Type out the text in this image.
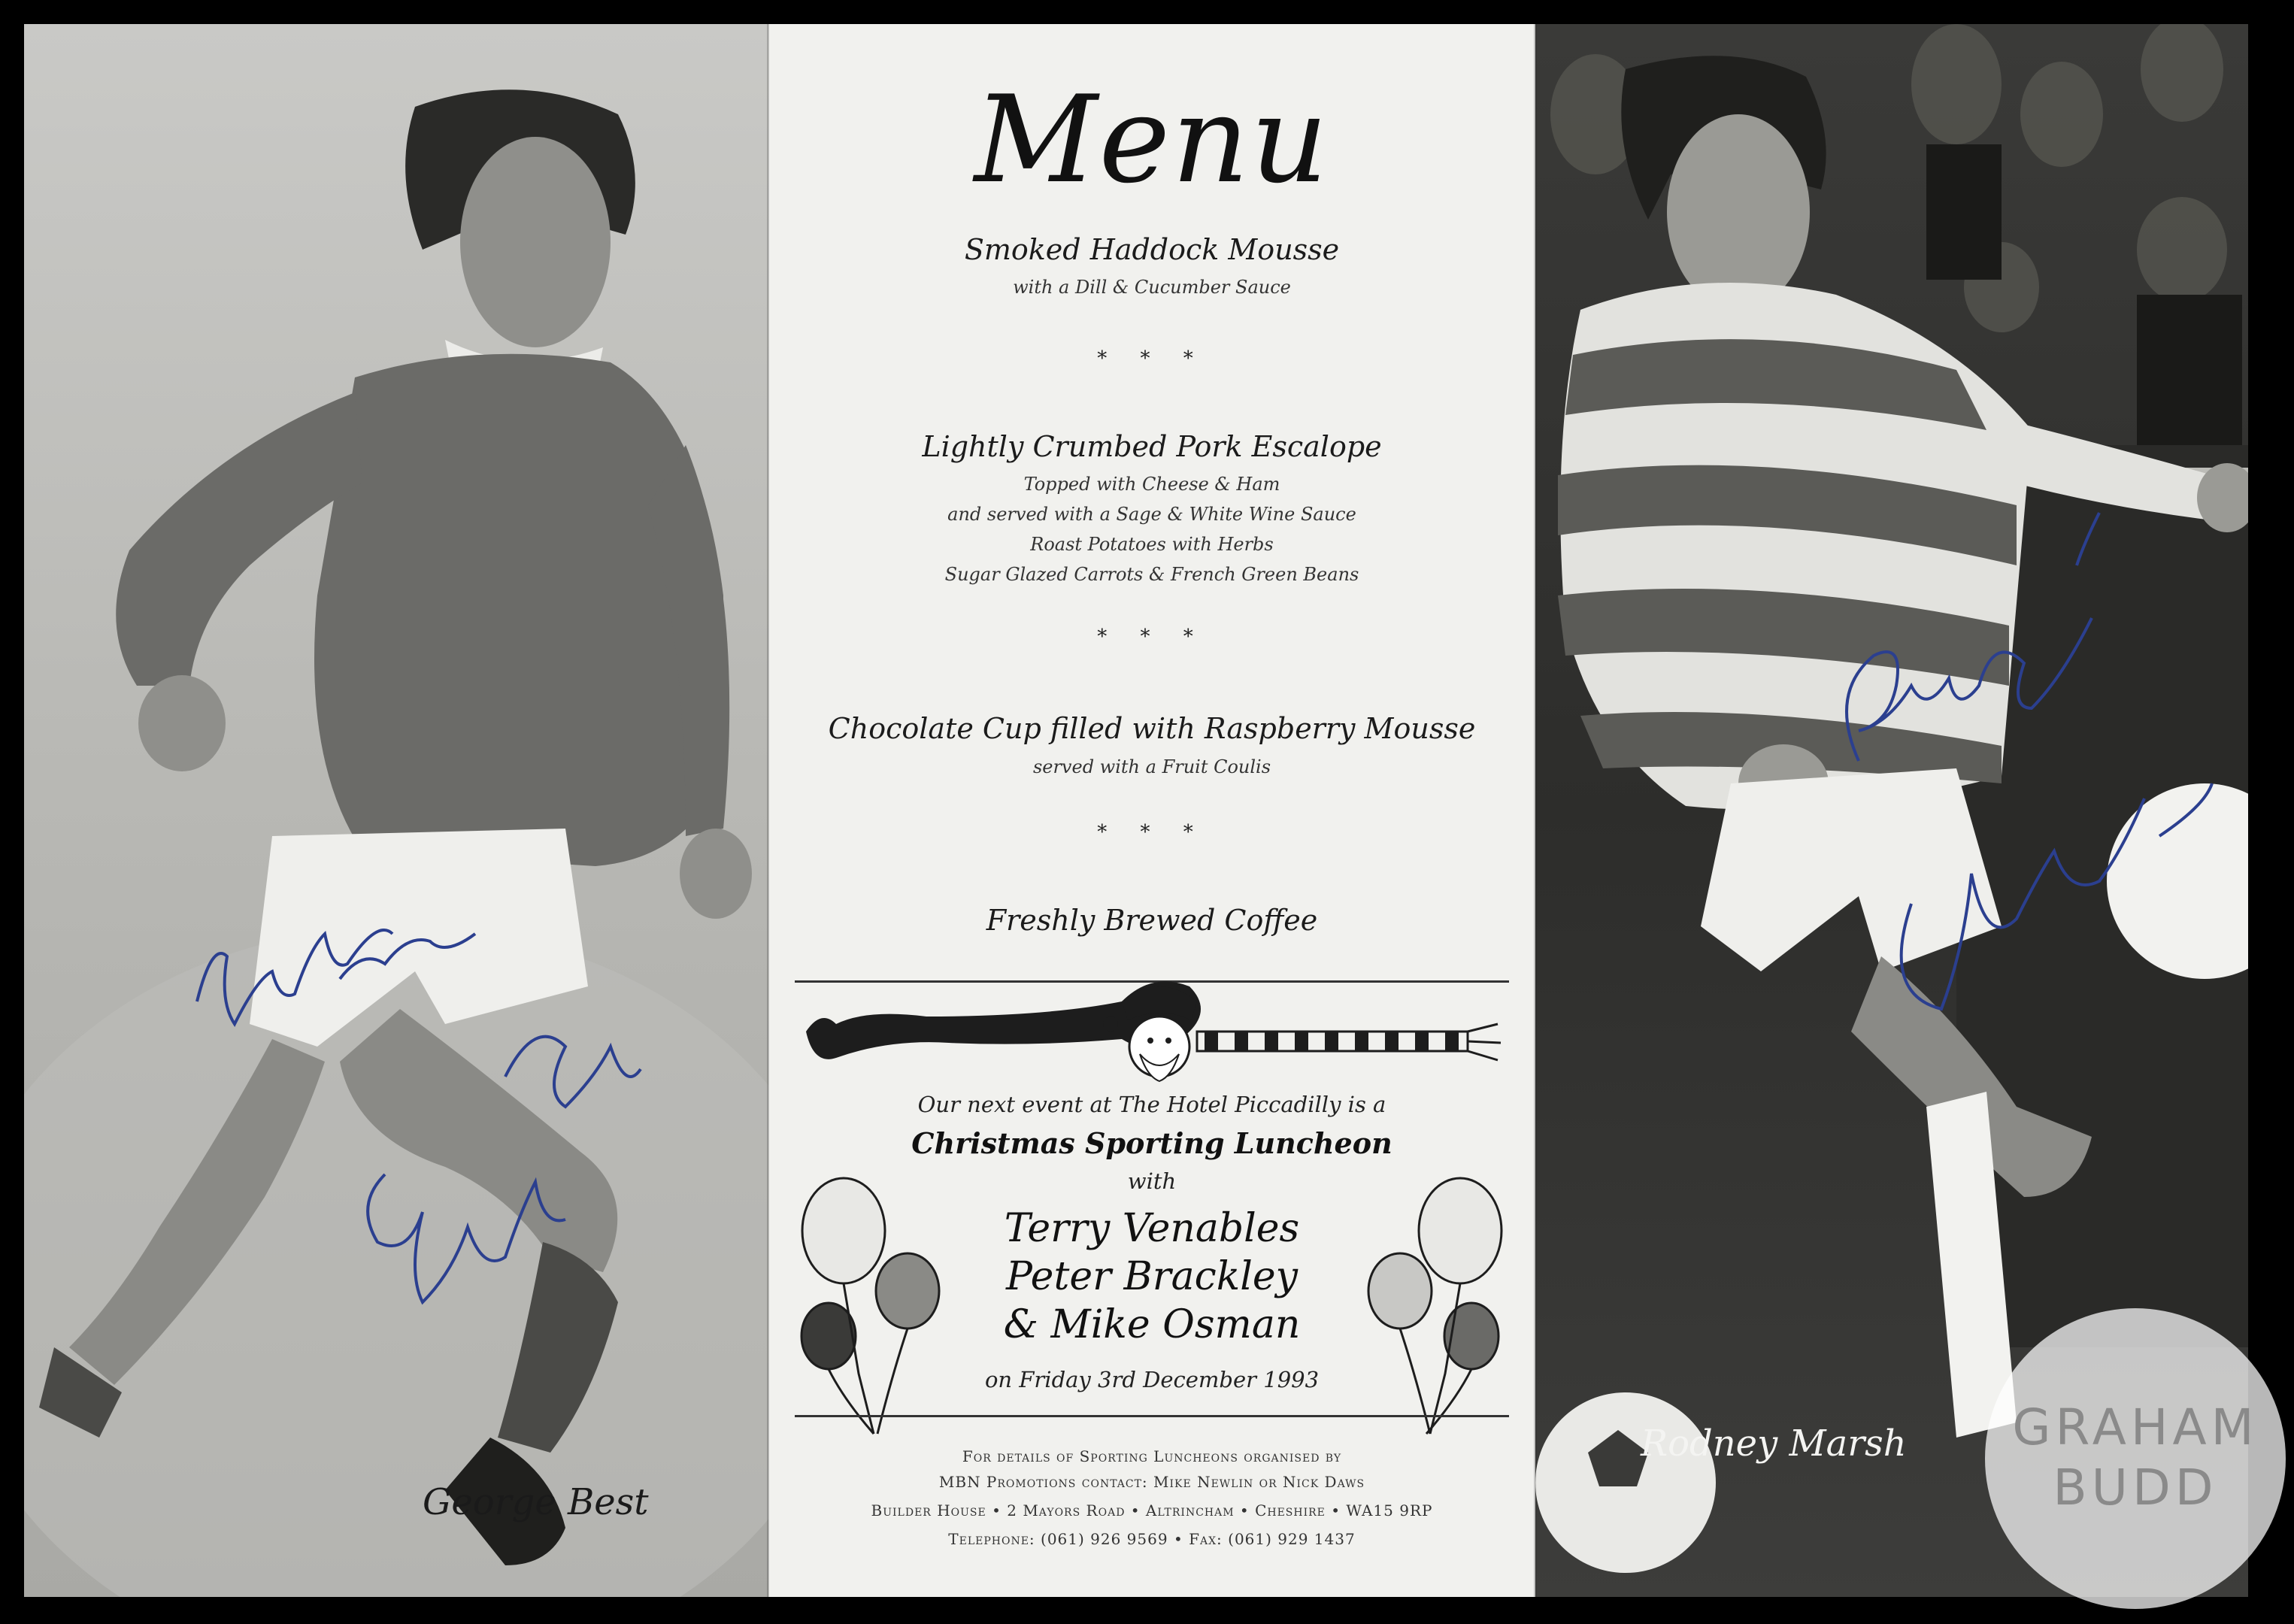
George Best
Menu
Smoked Haddock Mousse
with a Dill & Cucumber Sauce
* * *
Lightly Crumbed Pork Escalope
Topped with Cheese & Ham
and served with a Sage & White Wine Sauce
Roast Potatoes with Herbs
Sugar Glazed Carrots & French Green Beans
* * *
Chocolate Cup filled with Raspberry Mousse
served with a Fruit Coulis
* * *
Freshly Brewed Coffee
Our next event at The Hotel Piccadilly is a
Christmas Sporting Luncheon
with
Terry Venables
Peter Brackley
& Mike Osman
on Friday 3rd December 1993
For details of Sporting Luncheons organised by
MBN Promotions contact: Mike Newlin or Nick Daws
Builder House • 2 Mayors Road • Altrincham • Cheshire • WA15 9RP
Telephone: (061) 926 9569 • Fax: (061) 929 1437
Rodney Marsh	GRAHAM
BUDD
